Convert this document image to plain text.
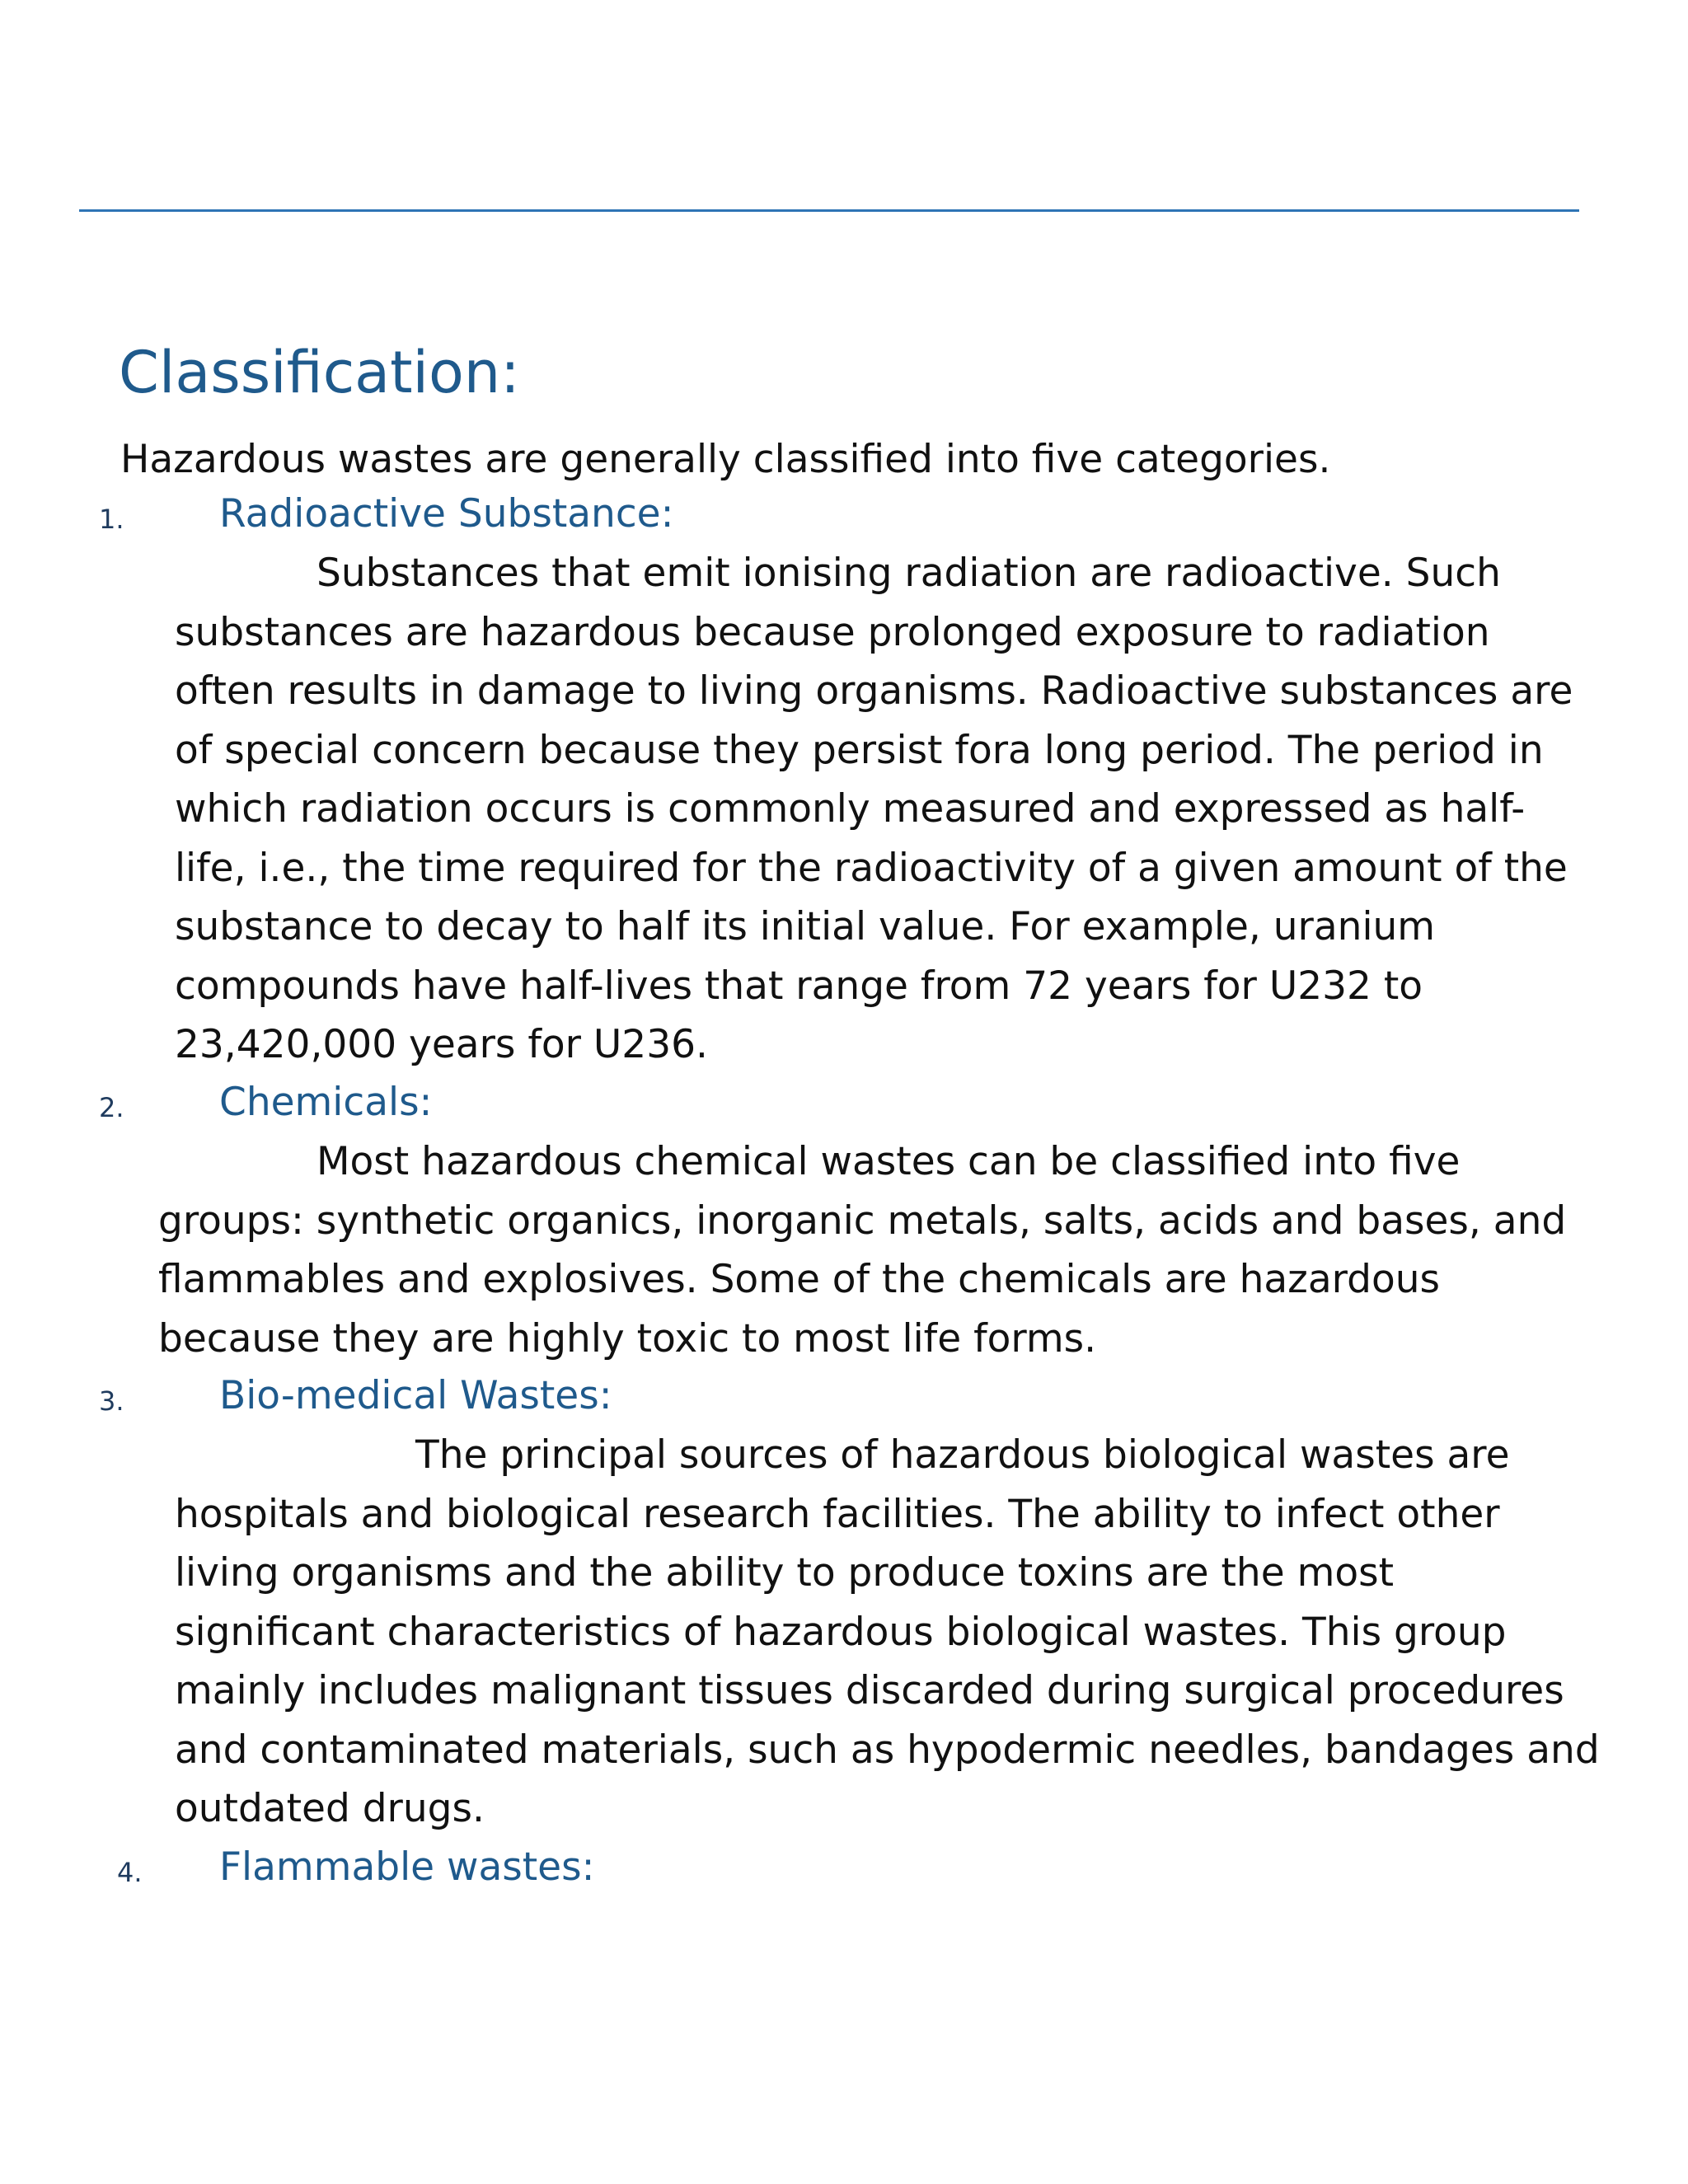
Classification:

Hazardous wastes are generally classified into five categories.

1. Radioactive Substance:

Substances that emit ionising radiation are radioactive. Such
substances are hazardous because prolonged exposure to radiation
often results in damage to living organisms. Radioactive substances are
of special concern because they persist fora long period. The period in
which radiation occurs is commonly measured and expressed as half-
life, i.e., the time required for the radioactivity of a given amount of the
substance to decay to half its initial value. For example, uranium
compounds have half-lives that range from 72 years for U232 to
23,420,000 years for U236.

2. Chemicals:

Most hazardous chemical wastes can be classified into five
groups: synthetic organics, inorganic metals, salts, acids and bases, and
flammables and explosives. Some of the chemicals are hazardous
because they are highly toxic to most life forms.

3. Bio-medical Wastes:

The principal sources of hazardous biological wastes are
hospitals and biological research facilities. The ability to infect other
living organisms and the ability to produce toxins are the most
significant characteristics of hazardous biological wastes. This group
mainly includes malignant tissues discarded during surgical procedures
and contaminated materials, such as hypodermic needles, bandages and
outdated drugs.

4. Flammable wastes:
